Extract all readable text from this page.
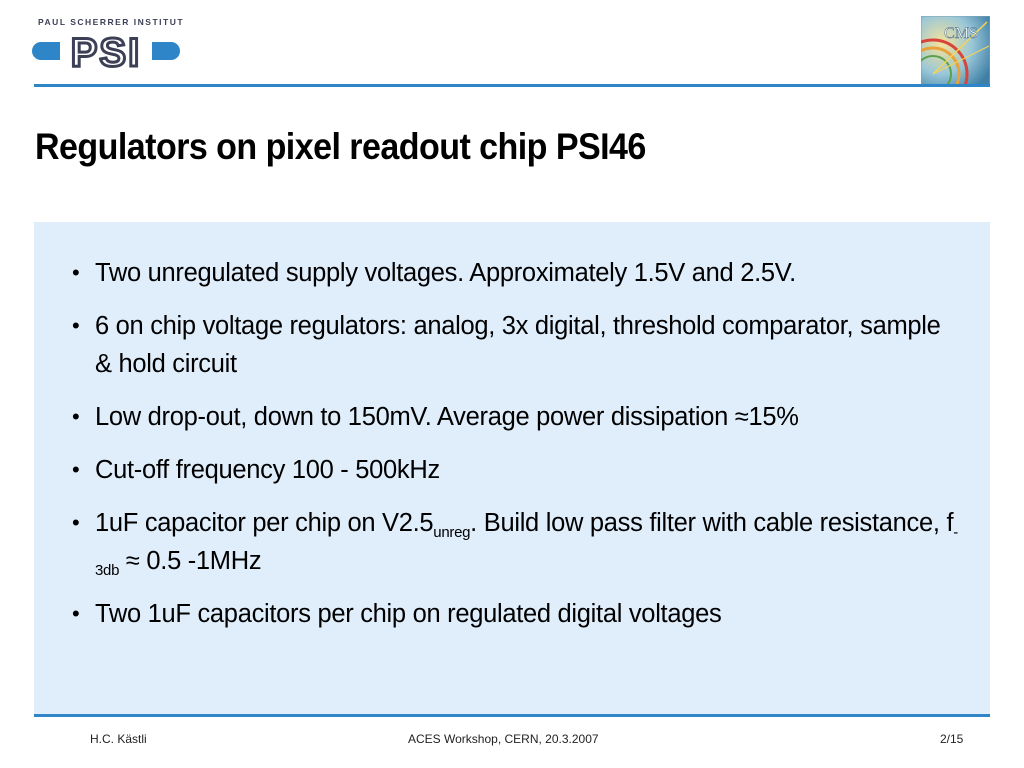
PAUL SCHERRER INSTITUT
PSI	CMS
Regulators on pixel readout chip PSI46
• Two unregulated supply voltages. Approximately 1.5V and 2.5V.
• 6 on chip voltage regulators: analog, 3x digital, threshold comparator, sample & hold circuit
• Low drop-out, down to 150mV. Average power dissipation ≈15%
• Cut-off frequency 100 - 500kHz
• 1uF capacitor per chip on $V2.5_{unreg}$. Build low pass filter with cable resistance, $f_{-3db} \approx 0.5$ -1MHz
• Two 1uF capacitors per chip on regulated digital voltages
H.C. Kästli	ACES Workshop, CERN, 20.3.2007	2/15
